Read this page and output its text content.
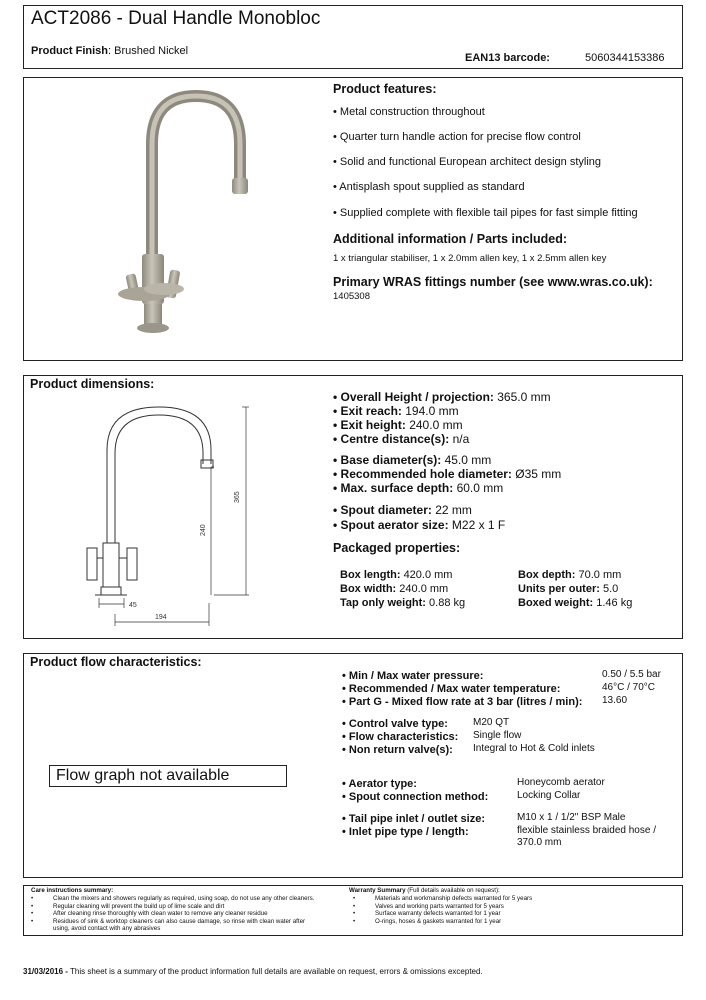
ACT2086 - Dual Handle Monobloc
Product Finish: Brushed Nickel
EAN13 barcode:	5060344153386
Product features:
• Metal construction throughout
• Quarter turn handle action for precise flow control
• Solid and functional European architect design styling
• Antisplash spout supplied as standard
• Supplied complete with flexible tail pipes for fast simple fitting
Additional information / Parts included:
1 x triangular stabiliser, 1 x 2.0mm allen key, 1 x 2.5mm allen key
Primary WRAS fittings number (see www.wras.co.uk):
1405308
Product dimensions:
365
240
45
194
• Overall Height / projection: 365.0 mm
• Exit reach: 194.0 mm
• Exit height: 240.0 mm
• Centre distance(s): n/a
• Base diameter(s): 45.0 mm
• Recommended hole diameter: Ø35 mm
• Max. surface depth: 60.0 mm
• Spout diameter: 22 mm
• Spout aerator size: M22 x 1 F
Packaged properties:
Box length: 420.0 mm	Box depth: 70.0 mm
Box width: 240.0 mm	Units per outer: 5.0
Tap only weight: 0.88 kg	Boxed weight: 1.46 kg
Product flow characteristics:
Flow graph not available
• Min / Max water pressure:	0.50 / 5.5 bar
• Recommended / Max water temperature:	46°C / 70°C
• Part G - Mixed flow rate at 3 bar (litres / min): 13.60
• Control valve type:	M20 QT
• Flow characteristics: Single flow
• Non return valve(s): Integral to Hot & Cold inlets
• Aerator type:	Honeycomb aerator
• Spout connection method:	Locking Collar
• Tail pipe inlet / outlet size:	M10 x 1 / 1/2" BSP Male
• Inlet pipe type / length:	flexible stainless braided hose /
370.0 mm
Care instructions summary:
•	Clean the mixers and showers regularly as required, using soap, do not use any other cleaners.
•	Regular cleaning will prevent the build up of lime scale and dirt
•	After cleaning rinse thoroughly with clean water to remove any cleaner residue
•	Residues of sink & worktop cleaners can also cause damage, so rinse with clean water after
using, avoid contact with any abrasives
Warranty Summary (Full details available on request):
•	Materials and workmanship defects warranted for 5 years
•	Valves and working parts warranted for 5 years
•	Surface warranty defects warranted for 1 year
•	O-rings, hoses & gaskets warranted for 1 year
31/03/2016 - This sheet is a summary of the product information full details are available on request, errors & omissions excepted.
